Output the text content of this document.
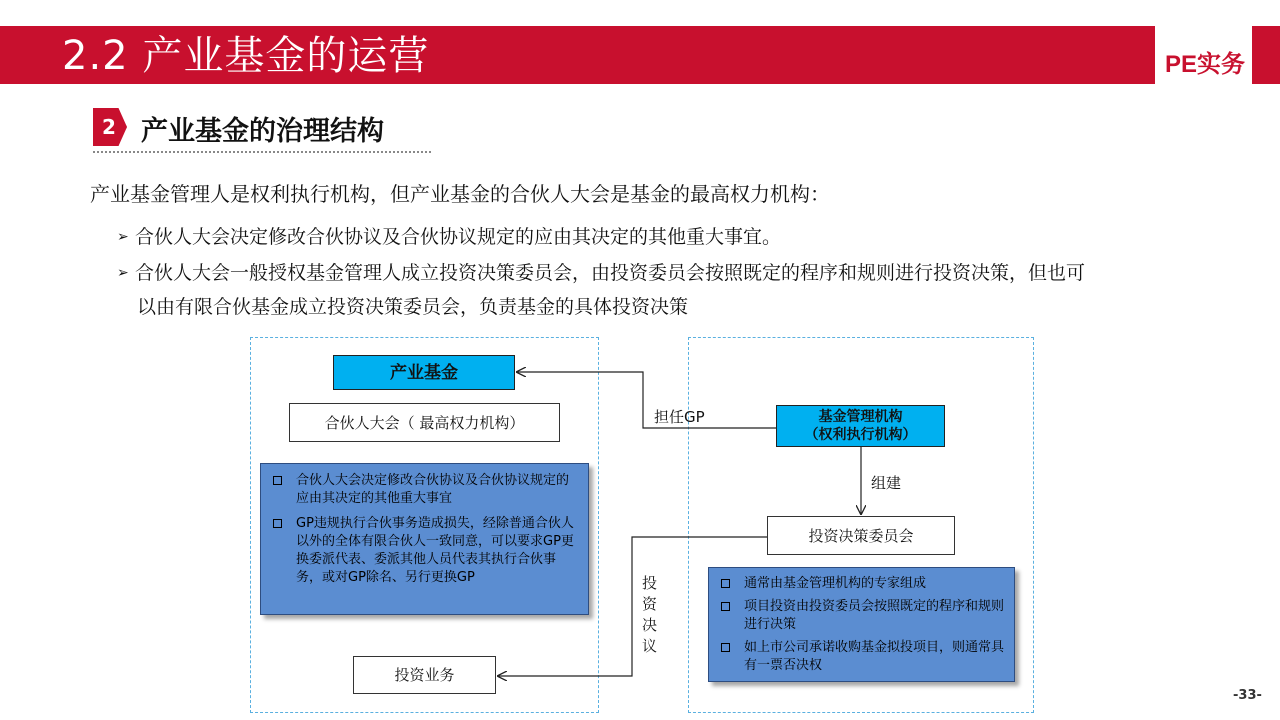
2.2 产业基金的运营	PE实务
2 产业基金的治理结构
产业基金管理人是权利执行机构，但产业基金的合伙人大会是基金的最高权力机构：
➢ 合伙人大会决定修改合伙协议及合伙协议规定的应由其决定的其他重大事宜。
➢ 合伙人大会一般授权基金管理人成立投资决策委员会，由投资委员会按照既定的程序和规则进行投资决策，但也可
以由有限合伙基金成立投资决策委员会，负责基金的具体投资决策
产业基金
合伙人大会（ 最高权力机构）
合伙人大会决定修改合伙协议及合伙协议规定的应由其决定的其他重大事宜
GP违规执行合伙事务造成损失，经除普通合伙人以外的全体有限合伙人一致同意，可以要求GP更换委派代表、委派其他人员代表其执行合伙事务，或对GP除名、另行更换GP
投资业务
基金管理机构
（权利执行机构）
投资决策委员会
通常由基金管理机构的专家组成
项目投资由投资委员会按照既定的程序和规则进行决策
如上市公司承诺收购基金拟投项目，则通常具有一票否决权
担任GP
组建
投资决议
-33-
